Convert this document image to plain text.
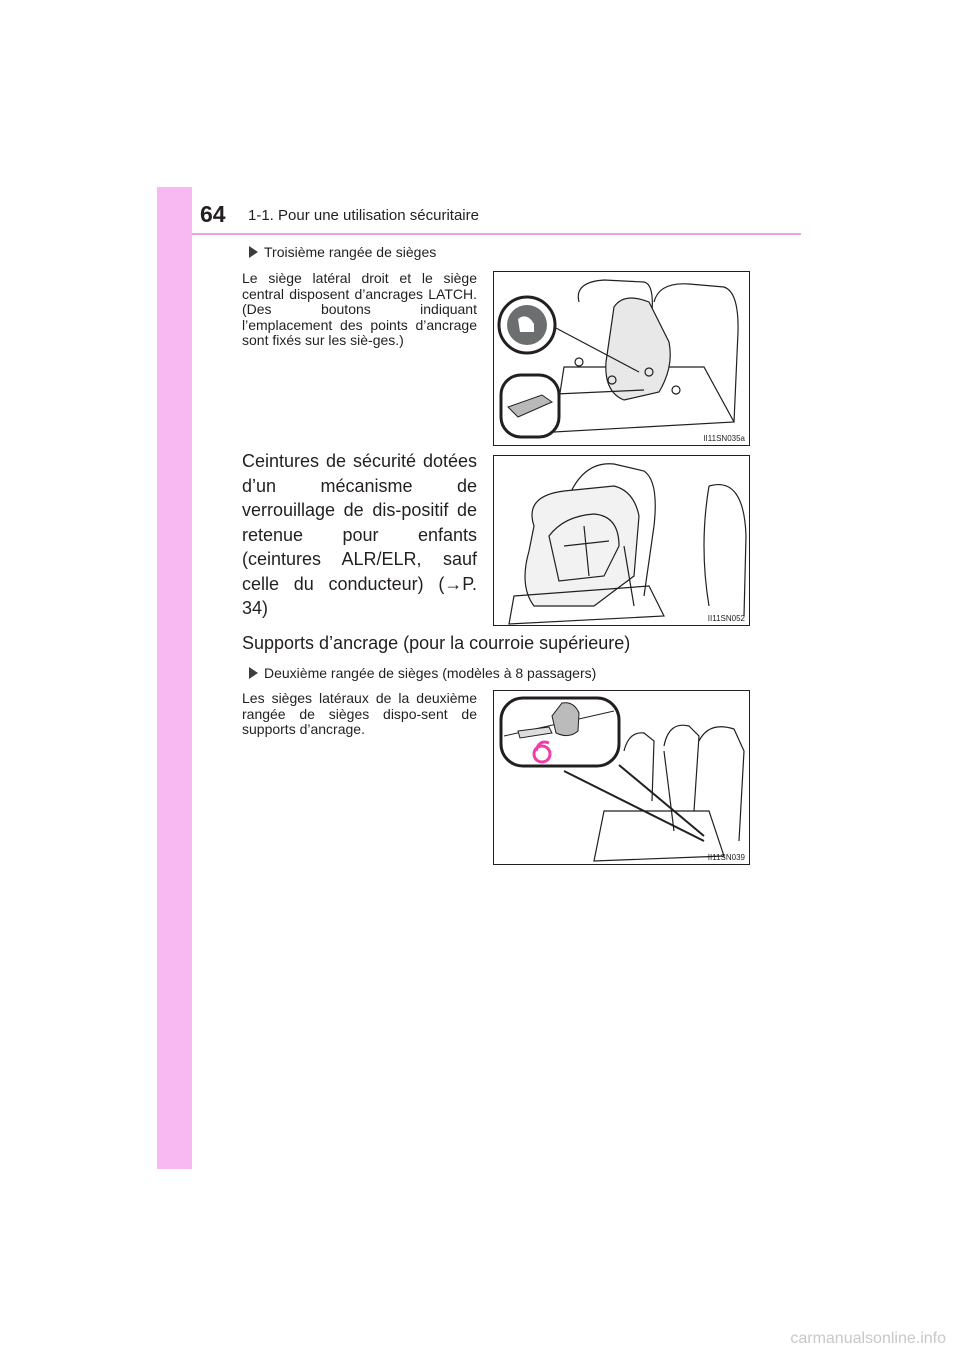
64 1-1. Pour une utilisation sécuritaire
Troisième rangée de sièges
Le siège latéral droit et le siège central disposent d’ancrages LATCH. (Des boutons indiquant l’emplacement des points d’ancrage sont fixés sur les siè-ges.)
II11SN035a
Ceintures de sécurité dotées d’un mécanisme de verrouillage de dis-positif de retenue pour enfants (ceintures ALR/ELR, sauf celle du conducteur) (→P. 34)
II11SN052
Supports d’ancrage (pour la courroie supérieure)
Deuxième rangée de sièges (modèles à 8 passagers)
Les sièges latéraux de la deuxième rangée de sièges dispo-sent de supports d’ancrage.
II11SN039
carmanualsonline.info
